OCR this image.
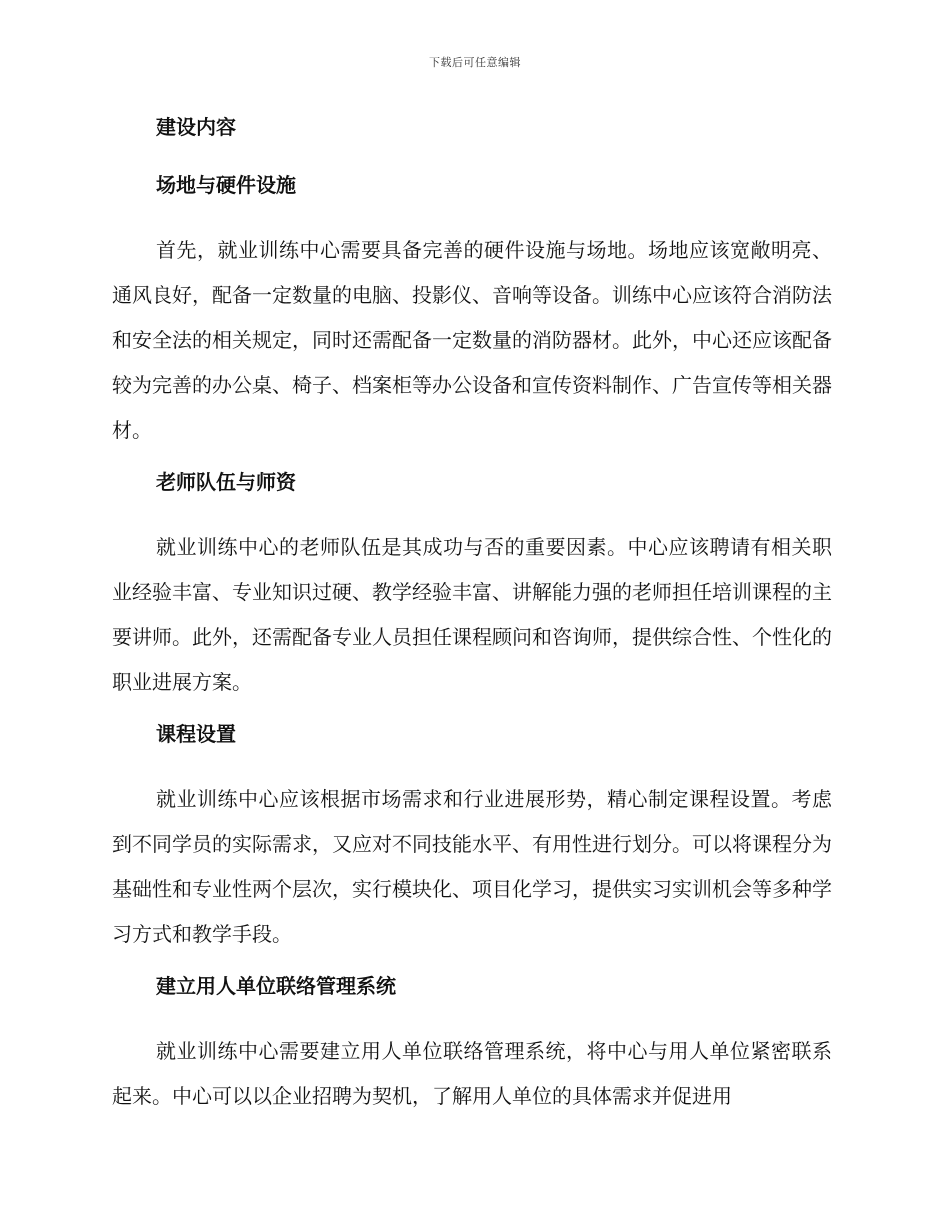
下载后可任意编辑
建设内容
场地与硬件设施

首先，就业训练中心需要具备完善的硬件设施与场地。场地应该宽敞明亮、通风良好，配备一定数量的电脑、投影仪、音响等设备。训练中心应该符合消防法和安全法的相关规定，同时还需配备一定数量的消防器材。此外，中心还应该配备较为完善的办公桌、椅子、档案柜等办公设备和宣传资料制作、广告宣传等相关器材。

老师队伍与师资

就业训练中心的老师队伍是其成功与否的重要因素。中心应该聘请有相关职业经验丰富、专业知识过硬、教学经验丰富、讲解能力强的老师担任培训课程的主要讲师。此外，还需配备专业人员担任课程顾问和咨询师，提供综合性、个性化的职业进展方案。

课程设置

就业训练中心应该根据市场需求和行业进展形势，精心制定课程设置。考虑到不同学员的实际需求，又应对不同技能水平、有用性进行划分。可以将课程分为基础性和专业性两个层次，实行模块化、项目化学习，提供实习实训机会等多种学习方式和教学手段。

建立用人单位联络管理系统

就业训练中心需要建立用人单位联络管理系统，将中心与用人单位紧密联系起来。中心可以以企业招聘为契机，了解用人单位的具体需求并促进用
